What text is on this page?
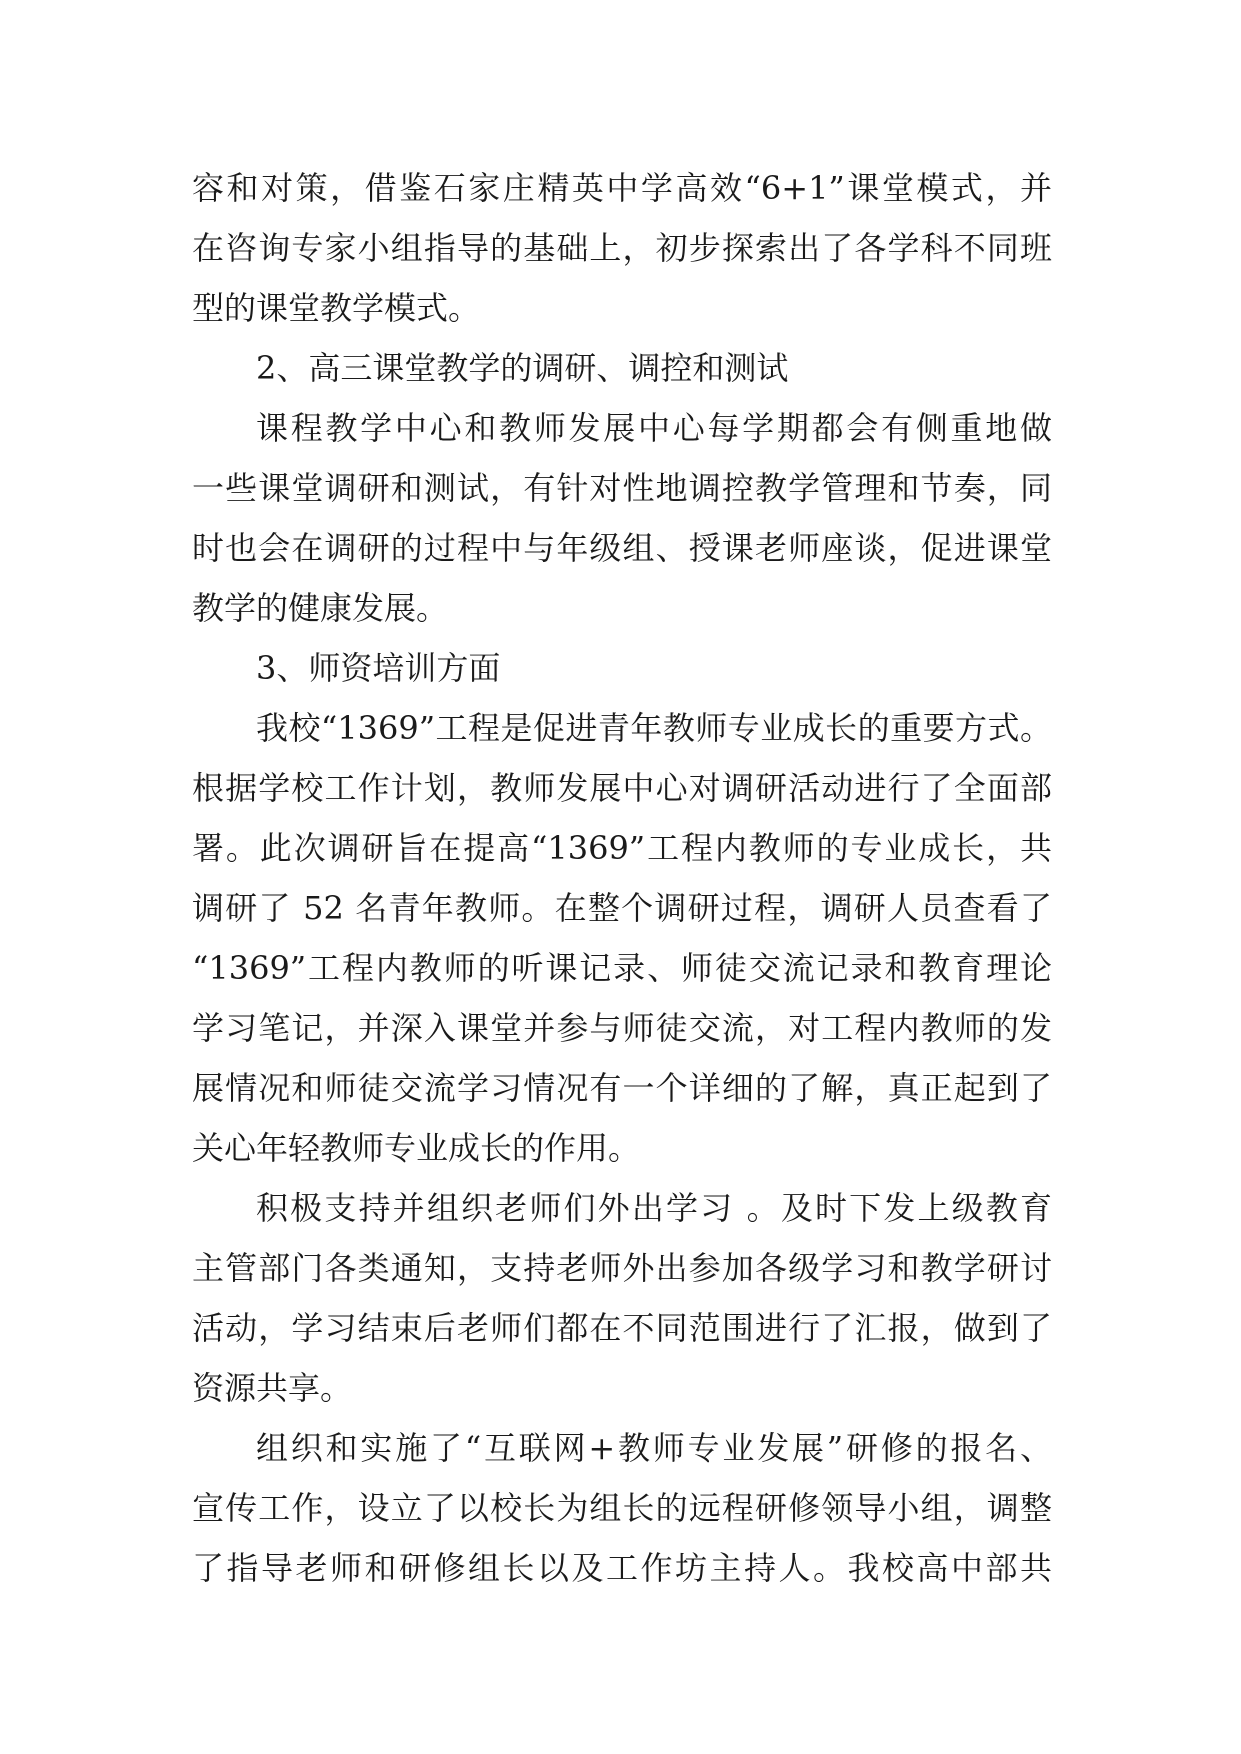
容和对策，借鉴石家庄精英中学高效“6+1”课堂模式，并
在咨询专家小组指导的基础上，初步探索出了各学科不同班
型的课堂教学模式。
2、高三课堂教学的调研、调控和测试
课程教学中心和教师发展中心每学期都会有侧重地做
一些课堂调研和测试，有针对性地调控教学管理和节奏，同
时也会在调研的过程中与年级组、授课老师座谈，促进课堂
教学的健康发展。
3、师资培训方面
我校“1369”工程是促进青年教师专业成长的重要方式。
根据学校工作计划，教师发展中心对调研活动进行了全面部
署。此次调研旨在提高“1369”工程内教师的专业成长，共
调研了 52 名青年教师。在整个调研过程，调研人员查看了
“1369”工程内教师的听课记录、师徒交流记录和教育理论
学习笔记，并深入课堂并参与师徒交流，对工程内教师的发
展情况和师徒交流学习情况有一个详细的了解，真正起到了
关心年轻教师专业成长的作用。
积极支持并组织老师们外出学习 。及时下发上级教育
主管部门各类通知，支持老师外出参加各级学习和教学研讨
活动，学习结束后老师们都在不同范围进行了汇报，做到了
资源共享。
组织和实施了“互联网+教师专业发展”研修的报名、
宣传工作，设立了以校长为组长的远程研修领导小组，调整
了指导老师和研修组长以及工作坊主持人。我校高中部共
